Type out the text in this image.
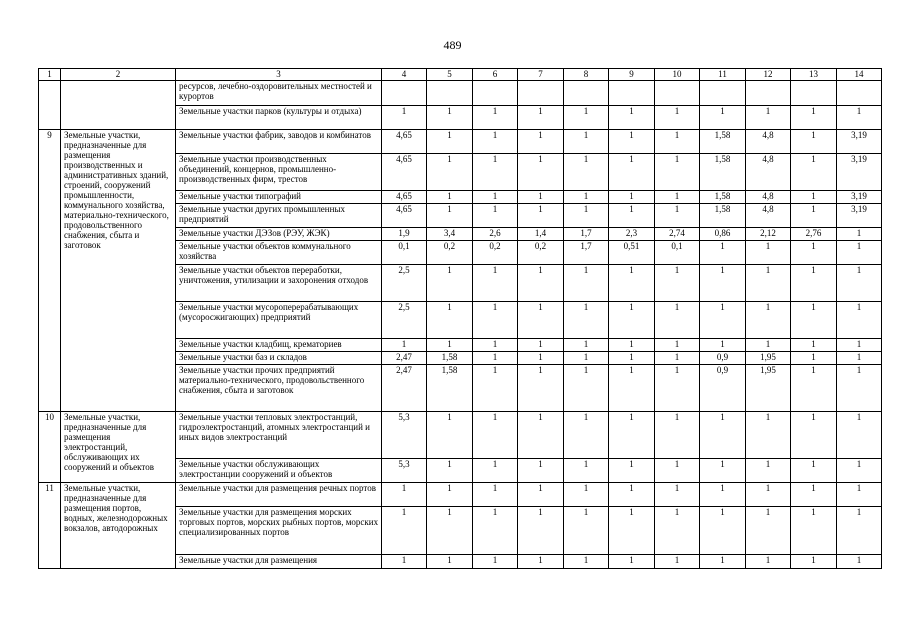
489
1	2	3	4	5	6	7	8	9	10	11	12	13	14
		ресурсов, лечебно-оздоровительных местностей и курортов											
		Земельные участки парков (культуры и отдыха)	1	1	1	1	1	1	1	1	1	1	1
9	Земельные участки, предназначенные для размещения производственных и административных зданий, строений, сооружений промышленности, коммунального хозяйства, материально-технического, продовольственного снабжения, сбыта и заготовок	Земельные участки фабрик, заводов и комбинатов	4,65	1	1	1	1	1	1	1,58	4,8	1	3,19
		Земельные участки производственных объединений, концернов, промышленно-производственных фирм, трестов	4,65	1	1	1	1	1	1	1,58	4,8	1	3,19
		Земельные участки типографий	4,65	1	1	1	1	1	1	1,58	4,8	1	3,19
		Земельные участки других промышленных предприятий	4,65	1	1	1	1	1	1	1,58	4,8	1	3,19
		Земельные участки ДЭЗов (РЭУ, ЖЭК)	1,9	3,4	2,6	1,4	1,7	2,3	2,74	0,86	2,12	2,76	1
		Земельные участки объектов коммунального хозяйства	0,1	0,2	0,2	0,2	1,7	0,51	0,1	1	1	1	1
		Земельные участки объектов переработки, уничтожения, утилизации и захоронения отходов	2,5	1	1	1	1	1	1	1	1	1	1
		Земельные участки мусороперерабатывающих (мусоросжигающих) предприятий	2,5	1	1	1	1	1	1	1	1	1	1
		Земельные участки кладбищ, крематориев	1	1	1	1	1	1	1	1	1	1	1
		Земельные участки баз и складов	2,47	1,58	1	1	1	1	1	0,9	1,95	1	1
		Земельные участки прочих предприятий материально-технического, продовольственного снабжения, сбыта и заготовок	2,47	1,58	1	1	1	1	1	0,9	1,95	1	1
10	Земельные участки, предназначенные для размещения электростанций, обслуживающих их сооружений и объектов	Земельные участки тепловых электростанций, гидроэлектростанций, атомных электростанций и иных видов электростанций	5,3	1	1	1	1	1	1	1	1	1	1
		Земельные участки обслуживающих электростанции сооружений и объектов	5,3	1	1	1	1	1	1	1	1	1	1
11	Земельные участки, предназначенные для размещения портов, водных, железнодорожных вокзалов, автодорожных	Земельные участки для размещения речных портов	1	1	1	1	1	1	1	1	1	1	1
		Земельные участки для размещения морских торговых портов, морских рыбных портов, морских специализированных портов	1	1	1	1	1	1	1	1	1	1	1
		Земельные участки для размещения	1	1	1	1	1	1	1	1	1	1	1
